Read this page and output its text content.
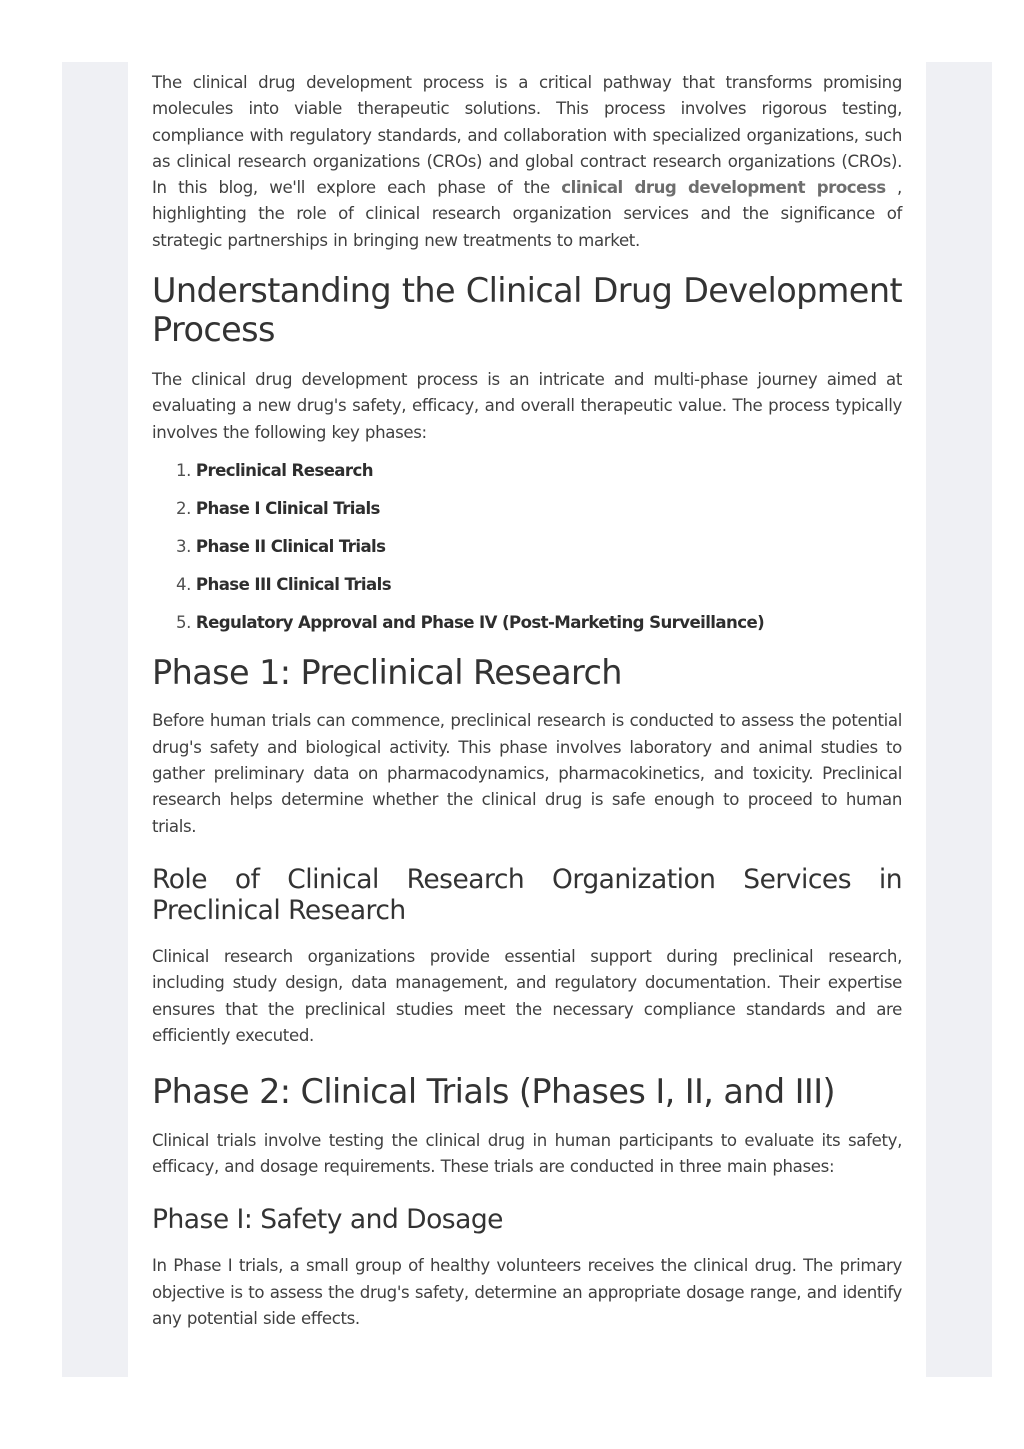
The clinical drug development process is a critical pathway that transforms promising molecules into viable therapeutic solutions. This process involves rigorous testing, compliance with regulatory standards, and collaboration with specialized organizations, such as clinical research organizations (CROs) and global contract research organizations (CROs). In this blog, we'll explore each phase of the clinical drug development process , highlighting the role of clinical research organization services and the significance of strategic partnerships in bringing new treatments to market.

Understanding the Clinical Drug Development Process

The clinical drug development process is an intricate and multi-phase journey aimed at evaluating a new drug's safety, efficacy, and overall therapeutic value. The process typically involves the following key phases:

1. Preclinical Research
2. Phase I Clinical Trials
3. Phase II Clinical Trials
4. Phase III Clinical Trials
5. Regulatory Approval and Phase IV (Post-Marketing Surveillance)
Phase 1: Preclinical Research

Before human trials can commence, preclinical research is conducted to assess the potential drug's safety and biological activity. This phase involves laboratory and animal studies to gather preliminary data on pharmacodynamics, pharmacokinetics, and toxicity. Preclinical research helps determine whether the clinical drug is safe enough to proceed to human trials.

Role of Clinical Research Organization Services in Preclinical Research

Clinical research organizations provide essential support during preclinical research, including study design, data management, and regulatory documentation. Their expertise ensures that the preclinical studies meet the necessary compliance standards and are efficiently executed.

Phase 2: Clinical Trials (Phases I, II, and III)

Clinical trials involve testing the clinical drug in human participants to evaluate its safety, efficacy, and dosage requirements. These trials are conducted in three main phases:

Phase I: Safety and Dosage

In Phase I trials, a small group of healthy volunteers receives the clinical drug. The primary objective is to assess the drug's safety, determine an appropriate dosage range, and identify any potential side effects.
